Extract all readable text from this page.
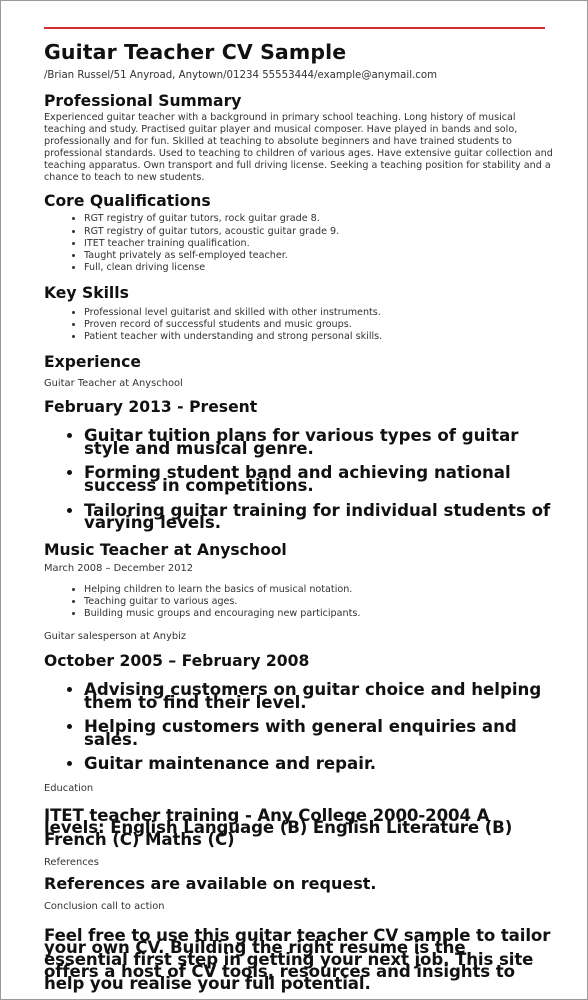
Guitar Teacher CV Sample
/Brian Russel/51 Anyroad, Anytown/01234 55553444/example@anymail.com
Professional Summary

Experienced guitar teacher with a background in primary school teaching. Long history of musical teaching and study. Practised guitar player and musical composer. Have played in bands and solo, professionally and for fun. Skilled at teaching to absolute beginners and have trained students to professional standards. Used to teaching to children of various ages. Have extensive guitar collection and teaching apparatus. Own transport and full driving license. Seeking a teaching position for stability and a chance to teach to new students.

Core Qualifications
• RGT registry of guitar tutors, rock guitar grade 8.
• RGT registry of guitar tutors, acoustic guitar grade 9.
• ITET teacher training qualification.
• Taught privately as self-employed teacher.
• Full, clean driving license
Key Skills
• Professional level guitarist and skilled with other instruments.
• Proven record of successful students and music groups.
• Patient teacher with understanding and strong personal skills.
Experience
Guitar Teacher at Anyschool
February 2013 - Present
• Guitar tuition plans for various types of guitar style and musical genre.
• Forming student band and achieving national success in competitions.
• Tailoring guitar training for individual students of varying levels.
Music Teacher at Anyschool
March 2008 – December 2012
• Helping children to learn the basics of musical notation.
• Teaching guitar to various ages.
• Building music groups and encouraging new participants.
Guitar salesperson at Anybiz
October 2005 – February 2008
• Advising customers on guitar choice and helping them to find their level.
• Helping customers with general enquiries and sales.
• Guitar maintenance and repair.
Education
ITET teacher training - Any College 2000-2004 A levels: English Language (B) English Literature (B) French (C) Maths (C)
References
References are available on request.
Conclusion call to action
Feel free to use this guitar teacher CV sample to tailor your own CV. Building the right resume is the essential first step in getting your next job. This site offers a host of CV tools, resources and insights to help you realise your full potential.
